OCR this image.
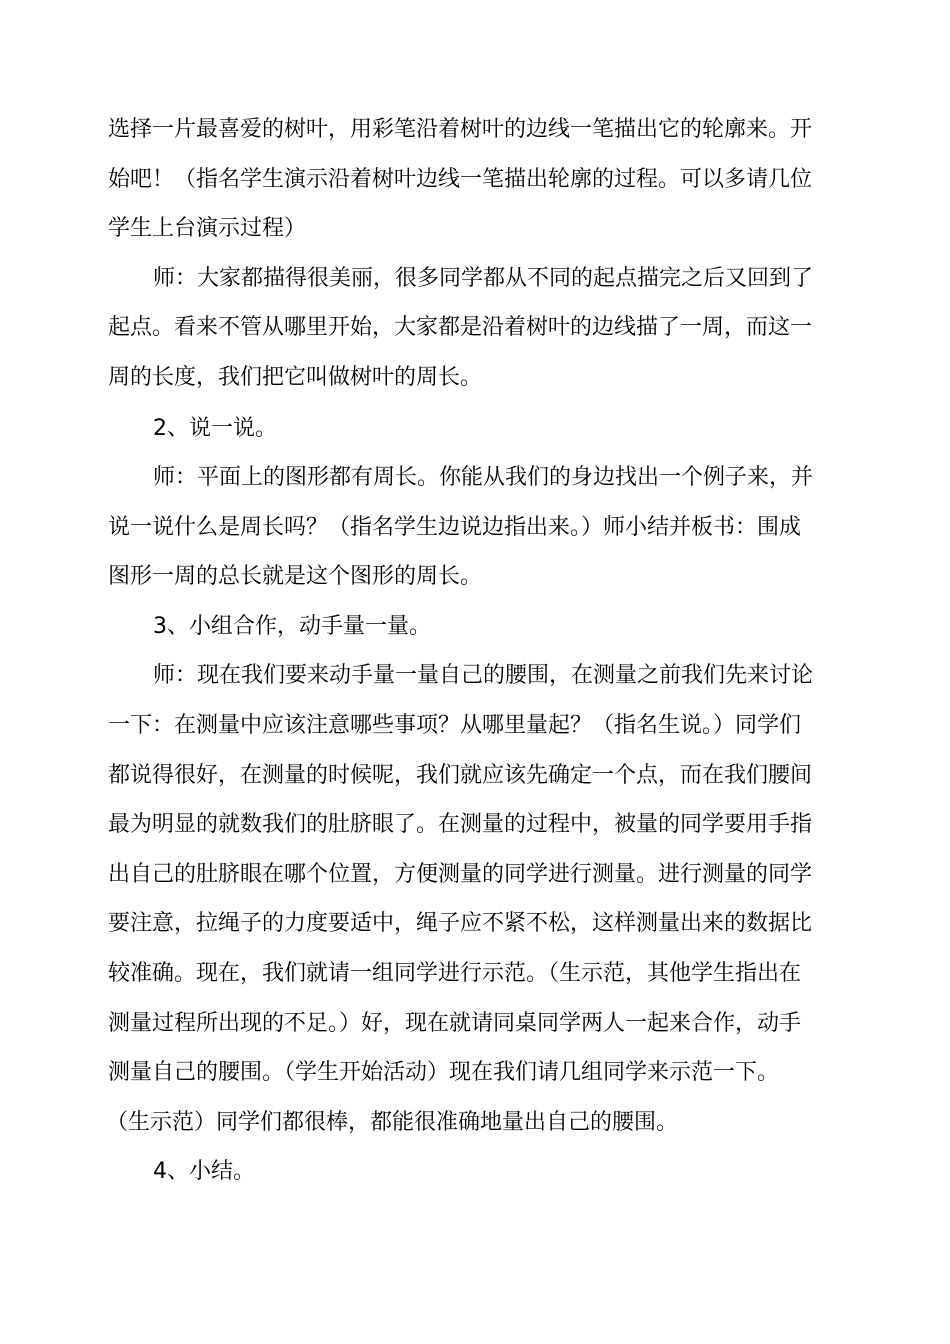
选择一片最喜爱的树叶，用彩笔沿着树叶的边线一笔描出它的轮廓来。开
始吧！（指名学生演示沿着树叶边线一笔描出轮廓的过程。可以多请几位
学生上台演示过程）
师：大家都描得很美丽，很多同学都从不同的起点描完之后又回到了
起点。看来不管从哪里开始，大家都是沿着树叶的边线描了一周，而这一
周的长度，我们把它叫做树叶的周长。
2、说一说。
师：平面上的图形都有周长。你能从我们的身边找出一个例子来，并
说一说什么是周长吗？（指名学生边说边指出来。）师小结并板书：围成
图形一周的总长就是这个图形的周长。
3、小组合作，动手量一量。
师：现在我们要来动手量一量自己的腰围，在测量之前我们先来讨论
一下：在测量中应该注意哪些事项？从哪里量起？（指名生说。）同学们
都说得很好，在测量的时候呢，我们就应该先确定一个点，而在我们腰间
最为明显的就数我们的肚脐眼了。在测量的过程中，被量的同学要用手指
出自己的肚脐眼在哪个位置，方便测量的同学进行测量。进行测量的同学
要注意，拉绳子的力度要适中，绳子应不紧不松，这样测量出来的数据比
较准确。现在，我们就请一组同学进行示范。（生示范，其他学生指出在
测量过程所出现的不足。）好，现在就请同桌同学两人一起来合作，动手
测量自己的腰围。（学生开始活动）现在我们请几组同学来示范一下。
（生示范）同学们都很棒，都能很准确地量出自己的腰围。
4、小结。
